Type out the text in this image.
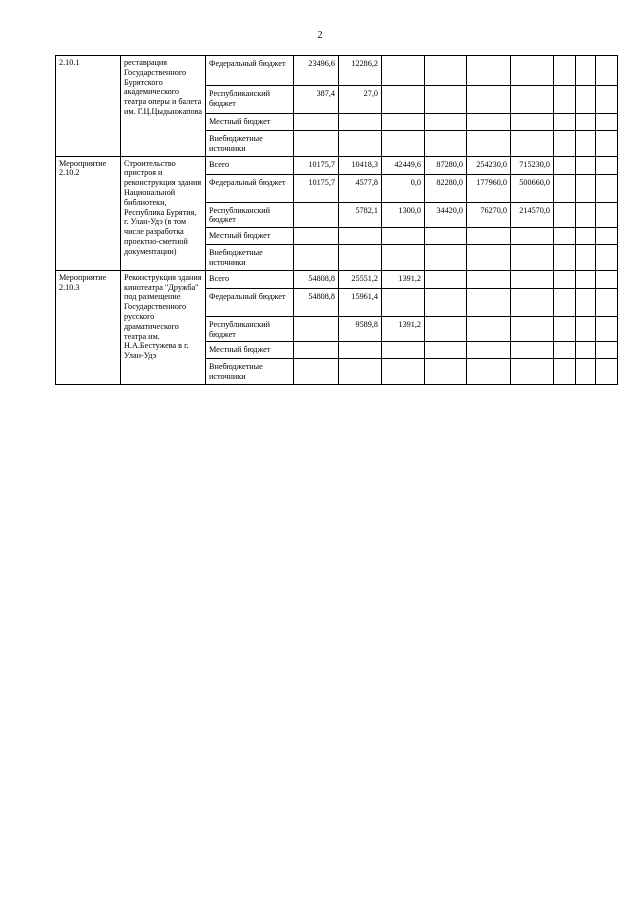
2
2.10.1	реставрация Государственного Бурятского академического театра оперы и балета им. Г.Ц.Цыдынжапова	Федеральный бюджет	23496,6	12286,2							
		Республиканский бюджет	387,4	27,0							
		Местный бюджет									
		Внебюджетные источники									
Мероприятие 2.10.2	Строительство пристроя и реконструкция здания Национальной библиотеки, Республика Бурятия, г. Улан-Удэ (в том числе разработка проектно-сметной документации)	Всего	10175,7	10418,3	42449,6	87280,0	254230,0	715230,0			
		Федеральный бюджет	10175,7	4577,8	0,0	82280,0	177960,0	500660,0			
		Республиканский бюджет		5782,1	1300,0	34420,0	76270,0	214570,0			
		Местный бюджет									
		Внебюджетные источники									
Мероприятие 2.10.3	Реконструкция здания кинотеатра "Дружба" под размещение Государственного русского драматического театра им. Н.А.Бестужева в г. Улан-Удэ	Всего	54808,8	25551,2	1391,2						
		Федеральный бюджет	54808,8	15961,4							
		Республиканский бюджет		9589,8	1391,2						
		Местный бюджет									
		Внебюджетные источники									
